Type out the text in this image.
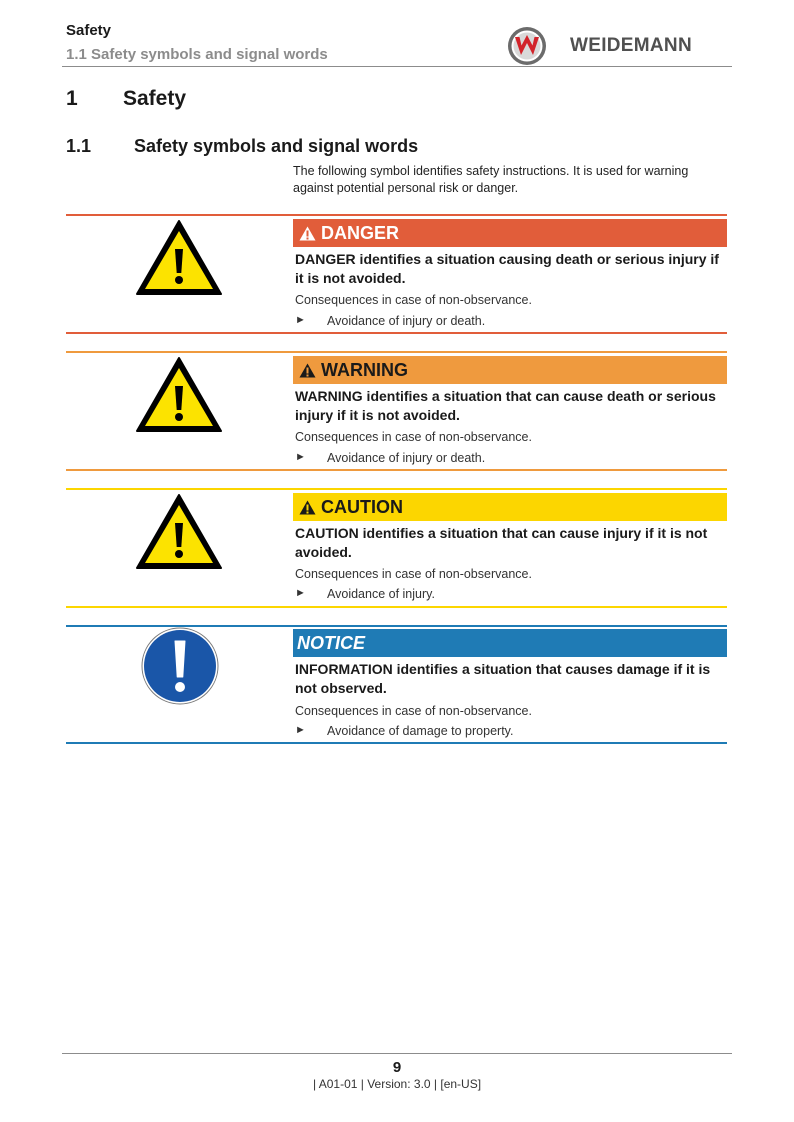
Safety
1.1 Safety symbols and signal words	WEIDEMANN
1 Safety
1.1 Safety symbols and signal words
The following symbol identifies safety instructions. It is used for warning against potential personal risk or danger.
DANGER
DANGER identifies a situation causing death or serious injury if it is not avoided.
Consequences in case of non-observance.
► Avoidance of injury or death.
WARNING
WARNING identifies a situation that can cause death or serious injury if it is not avoided.
Consequences in case of non-observance.
► Avoidance of injury or death.
CAUTION
CAUTION identifies a situation that can cause injury if it is not avoided.
Consequences in case of non-observance.
► Avoidance of injury.
NOTICE
INFORMATION identifies a situation that causes damage if it is not observed.
Consequences in case of non-observance.
► Avoidance of damage to property.
9
| A01-01 | Version: 3.0 | [en-US]
